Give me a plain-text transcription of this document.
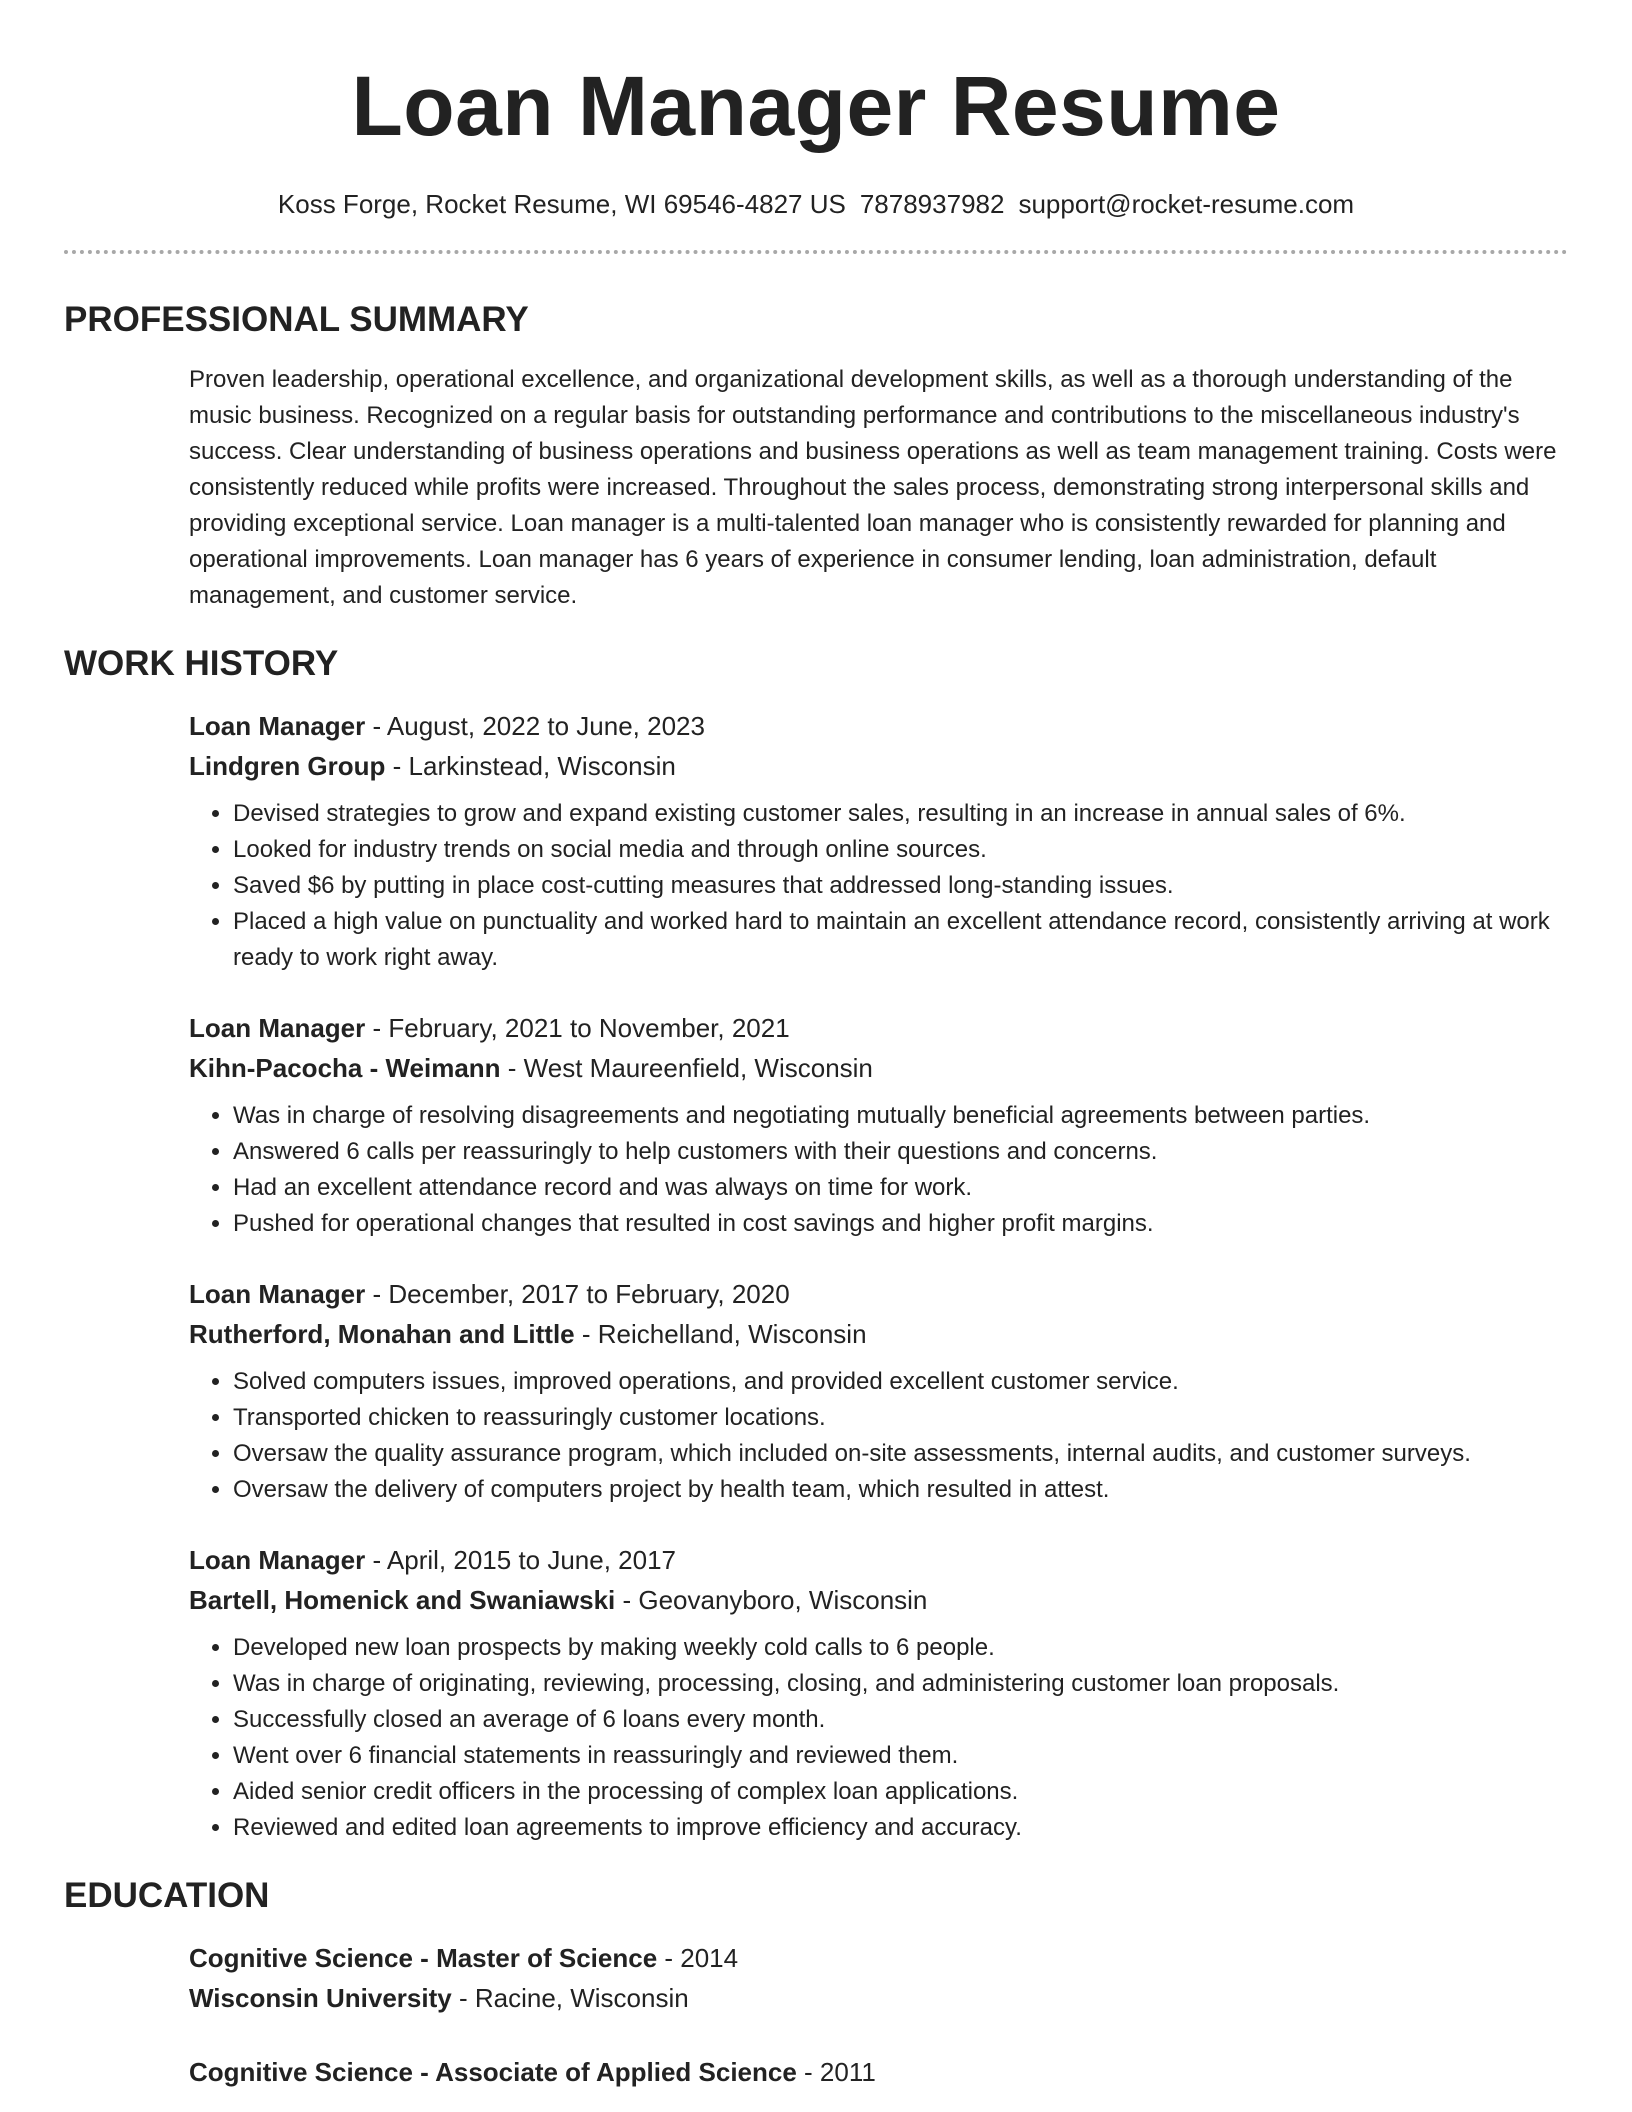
Loan Manager Resume
Koss Forge, Rocket Resume, WI 69546-4827 US 7878937982 support@rocket-resume.com
PROFESSIONAL SUMMARY

Proven leadership, operational excellence, and organizational development skills, as well as a thorough understanding of the music business. Recognized on a regular basis for outstanding performance and contributions to the miscellaneous industry's success. Clear understanding of business operations and business operations as well as team management training. Costs were consistently reduced while profits were increased. Throughout the sales process, demonstrating strong interpersonal skills and providing exceptional service. Loan manager is a multi-talented loan manager who is consistently rewarded for planning and operational improvements. Loan manager has 6 years of experience in consumer lending, loan administration, default management, and customer service.

WORK HISTORY
Loan Manager - August, 2022 to June, 2023
Lindgren Group - Larkinstead, Wisconsin
• Devised strategies to grow and expand existing customer sales, resulting in an increase in annual sales of 6%.
• Looked for industry trends on social media and through online sources.
• Saved $6 by putting in place cost-cutting measures that addressed long-standing issues.
• Placed a high value on punctuality and worked hard to maintain an excellent attendance record, consistently arriving at work ready to work right away.
Loan Manager - February, 2021 to November, 2021
Kihn-Pacocha - Weimann - West Maureenfield, Wisconsin
• Was in charge of resolving disagreements and negotiating mutually beneficial agreements between parties.
• Answered 6 calls per reassuringly to help customers with their questions and concerns.
• Had an excellent attendance record and was always on time for work.
• Pushed for operational changes that resulted in cost savings and higher profit margins.
Loan Manager - December, 2017 to February, 2020
Rutherford, Monahan and Little - Reichelland, Wisconsin
• Solved computers issues, improved operations, and provided excellent customer service.
• Transported chicken to reassuringly customer locations.
• Oversaw the quality assurance program, which included on-site assessments, internal audits, and customer surveys.
• Oversaw the delivery of computers project by health team, which resulted in attest.
Loan Manager - April, 2015 to June, 2017
Bartell, Homenick and Swaniawski - Geovanyboro, Wisconsin
• Developed new loan prospects by making weekly cold calls to 6 people.
• Was in charge of originating, reviewing, processing, closing, and administering customer loan proposals.
• Successfully closed an average of 6 loans every month.
• Went over 6 financial statements in reassuringly and reviewed them.
• Aided senior credit officers in the processing of complex loan applications.
• Reviewed and edited loan agreements to improve efficiency and accuracy.
EDUCATION
Cognitive Science - Master of Science - 2014
Wisconsin University - Racine, Wisconsin
Cognitive Science - Associate of Applied Science - 2011
